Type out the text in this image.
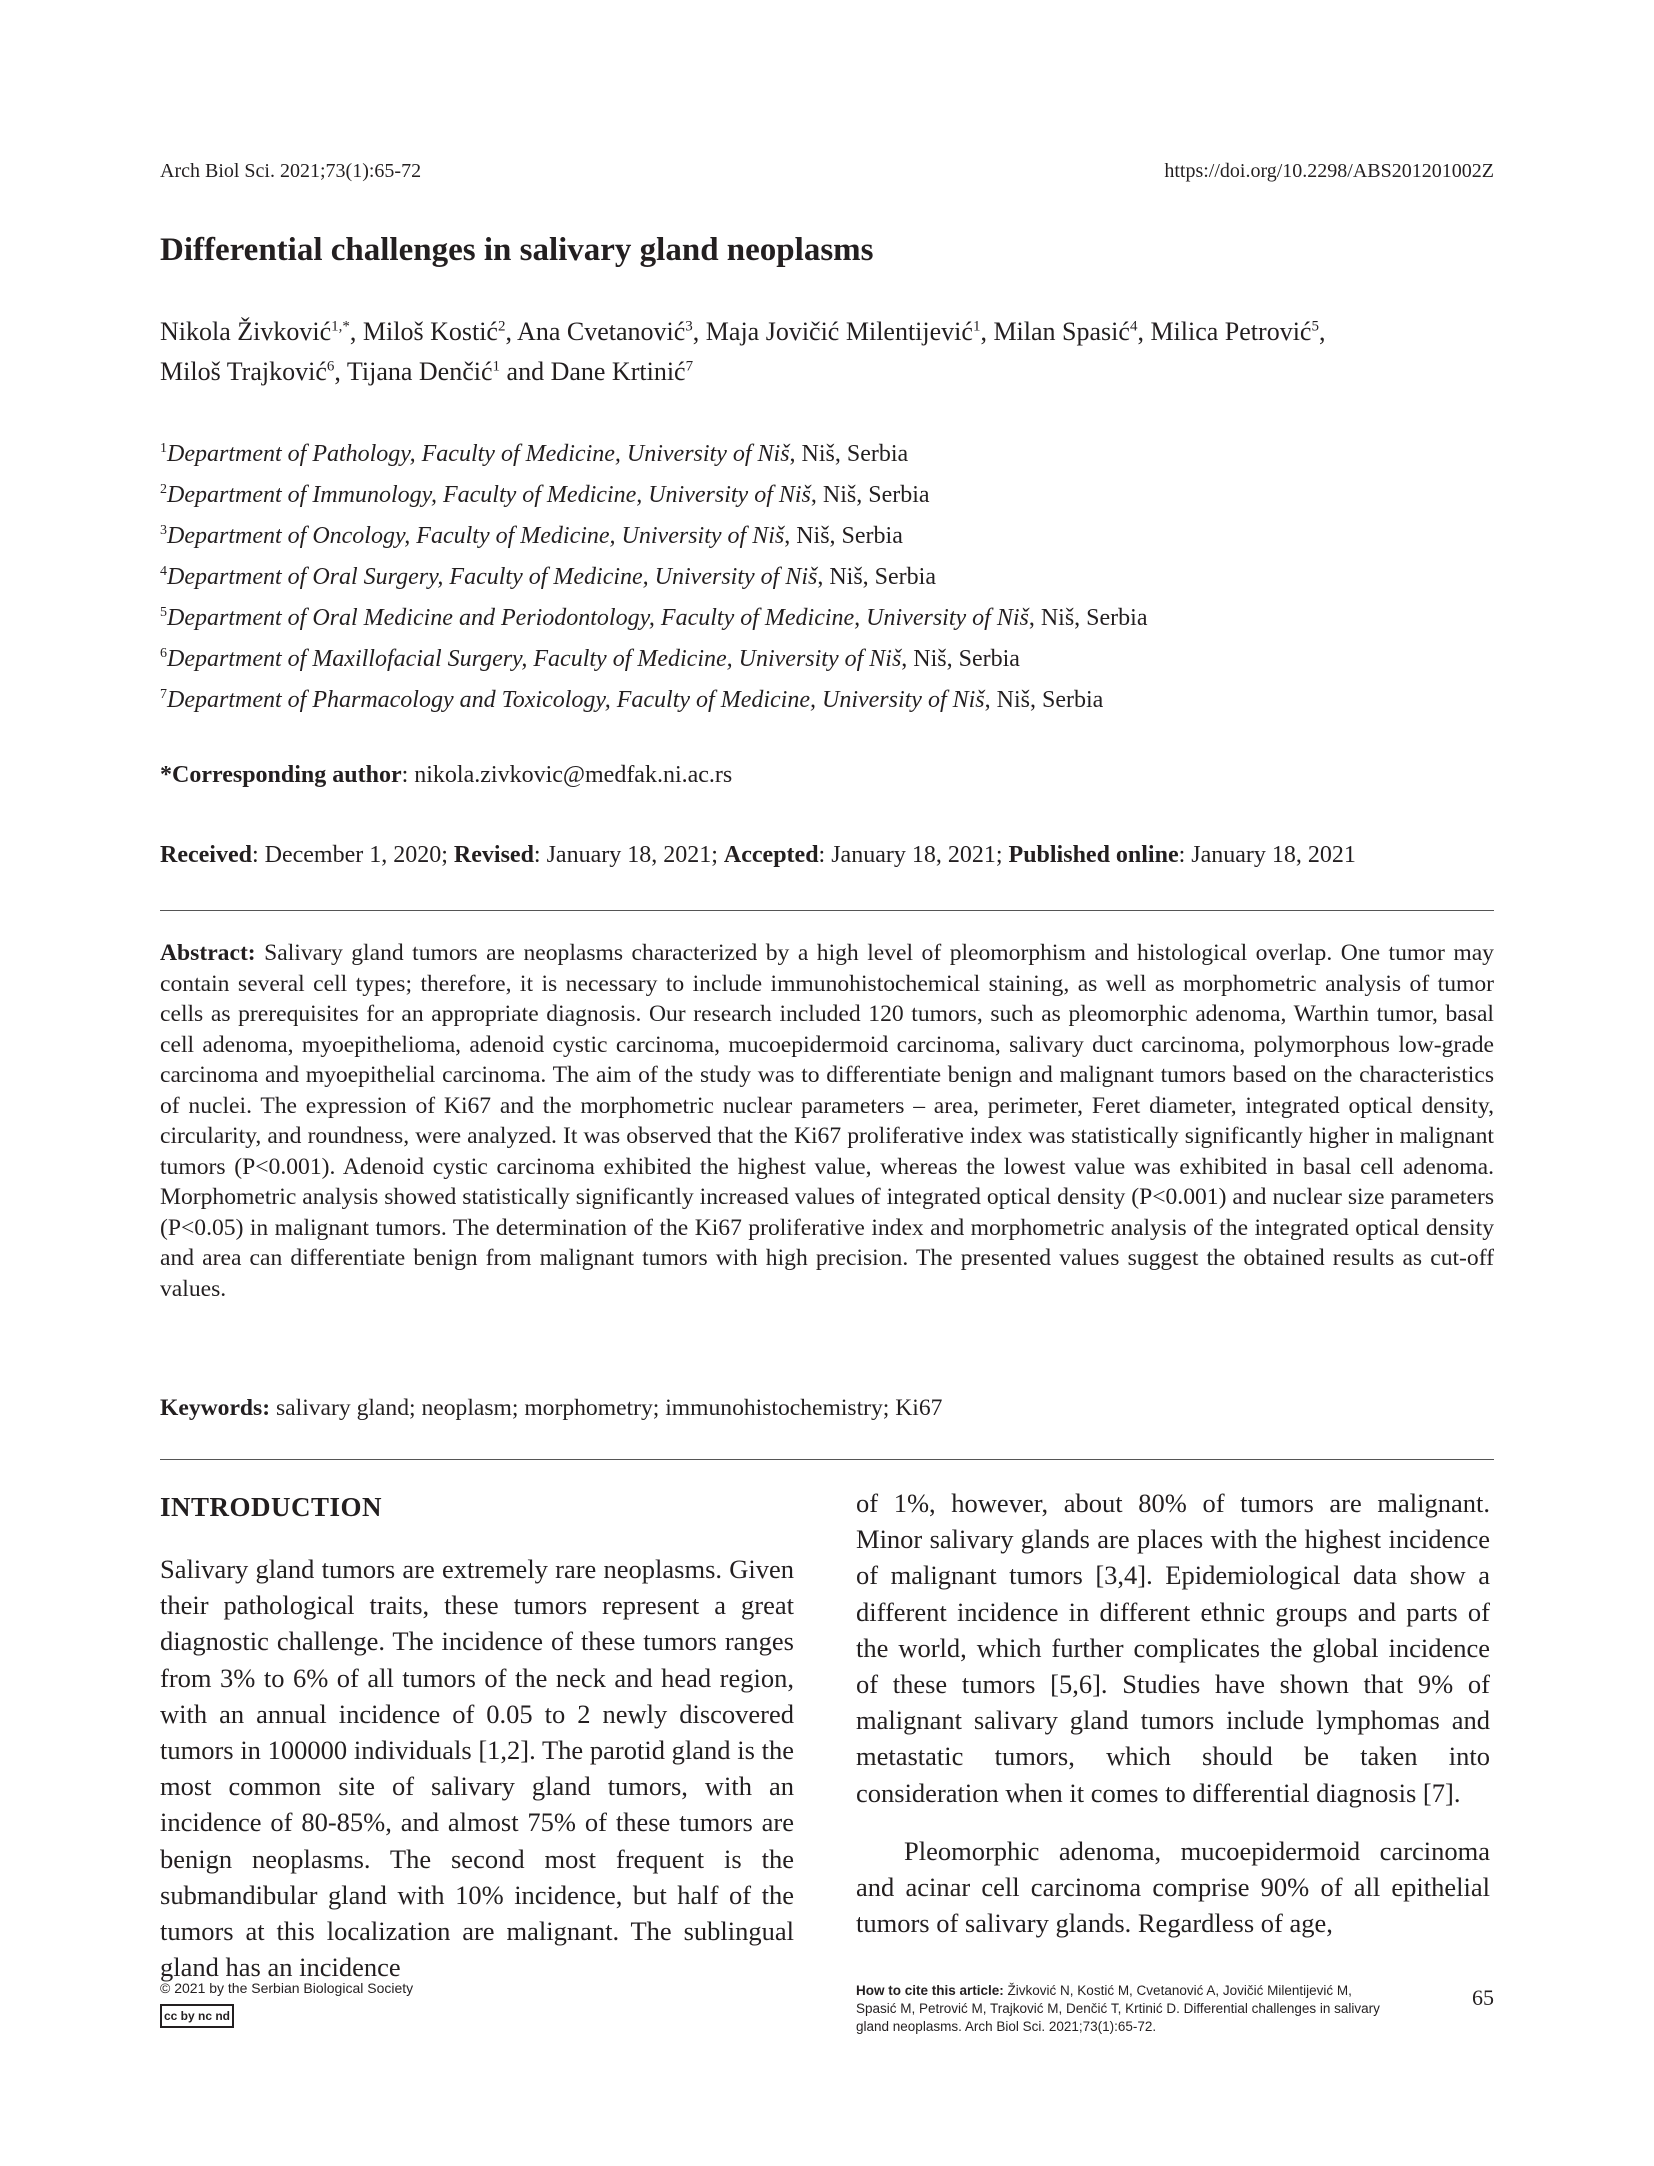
Arch Biol Sci. 2021;73(1):65-72	https://doi.org/10.2298/ABS201201002Z
Differential challenges in salivary gland neoplasms
Nikola Živković$^{1,*}$, Miloš Kostić$^2$, Ana Cvetanović$^3$, Maja Jovičić Milentijević$^1$, Milan Spasić$^4$, Milica Petrović$^5$,
Miloš Trajković$^6$, Tijana Denčić$^1$ and Dane Krtinić$^7$
$^1$Department of Pathology, Faculty of Medicine, University of Niš, Niš, Serbia
$^2$Department of Immunology, Faculty of Medicine, University of Niš, Niš, Serbia
$^3$Department of Oncology, Faculty of Medicine, University of Niš, Niš, Serbia
$^4$Department of Oral Surgery, Faculty of Medicine, University of Niš, Niš, Serbia
$^5$Department of Oral Medicine and Periodontology, Faculty of Medicine, University of Niš, Niš, Serbia
$^6$Department of Maxillofacial Surgery, Faculty of Medicine, University of Niš, Niš, Serbia
$^7$Department of Pharmacology and Toxicology, Faculty of Medicine, University of Niš, Niš, Serbia
*Corresponding author: nikola.zivkovic@medfak.ni.ac.rs
Received: December 1, 2020; Revised: January 18, 2021; Accepted: January 18, 2021; Published online: January 18, 2021
Abstract: Salivary gland tumors are neoplasms characterized by a high level of pleomorphism and histological overlap. One tumor may contain several cell types; therefore, it is necessary to include immunohistochemical staining, as well as morphometric analysis of tumor cells as prerequisites for an appropriate diagnosis. Our research included 120 tumors, such as pleomorphic adenoma, Warthin tumor, basal cell adenoma, myoepithelioma, adenoid cystic carcinoma, mucoepidermoid carcinoma, salivary duct carcinoma, polymorphous low-grade carcinoma and myoepithelial carcinoma. The aim of the study was to differentiate benign and malignant tumors based on the characteristics of nuclei. The expression of Ki67 and the morphometric nuclear parameters – area, perimeter, Feret diameter, integrated optical density, circularity, and roundness, were analyzed. It was observed that the Ki67 proliferative index was statistically significantly higher in malignant tumors (P<0.001). Adenoid cystic carcinoma exhibited the highest value, whereas the lowest value was exhibited in basal cell adenoma. Morphometric analysis showed statistically significantly increased values of integrated optical density (P<0.001) and nuclear size parameters (P<0.05) in malignant tumors. The determination of the Ki67 proliferative index and morphometric analysis of the integrated optical density and area can differentiate benign from malignant tumors with high precision. The presented values suggest the obtained results as cut-off values.
Keywords: salivary gland; neoplasm; morphometry; immunohistochemistry; Ki67
INTRODUCTION
Salivary gland tumors are extremely rare neoplasms. Given their pathological traits, these tumors represent a great diagnostic challenge. The incidence of these tumors ranges from 3% to 6% of all tumors of the neck and head region, with an annual incidence of 0.05 to 2 newly discovered tumors in 100000 individuals [1,2]. The parotid gland is the most common site of salivary gland tumors, with an incidence of 80-85%, and almost 75% of these tumors are benign neoplasms. The second most frequent is the submandibular gland with 10% incidence, but half of the tumors at this localization are malignant. The sublingual gland has an incidence

of 1%, however, about 80% of tumors are malignant. Minor salivary glands are places with the highest incidence of malignant tumors [3,4]. Epidemiological data show a different incidence in different ethnic groups and parts of the world, which further complicates the global incidence of these tumors [5,6]. Studies have shown that 9% of malignant salivary gland tumors include lymphomas and metastatic tumors, which should be taken into consideration when it comes to differential diagnosis [7].

Pleomorphic adenoma, mucoepidermoid carcinoma and acinar cell carcinoma comprise 90% of all epithelial tumors of salivary glands. Regardless of age,

© 2021 by the Serbian Biological Society
cc by nc nd
How to cite this article: Živković N, Kostić M, Cvetanović A, Jovičić Milentijević M, Spasić M, Petrović M, Trajković M, Denčić T, Krtinić D. Differential challenges in salivary gland neoplasms. Arch Biol Sci. 2021;73(1):65-72.
65
